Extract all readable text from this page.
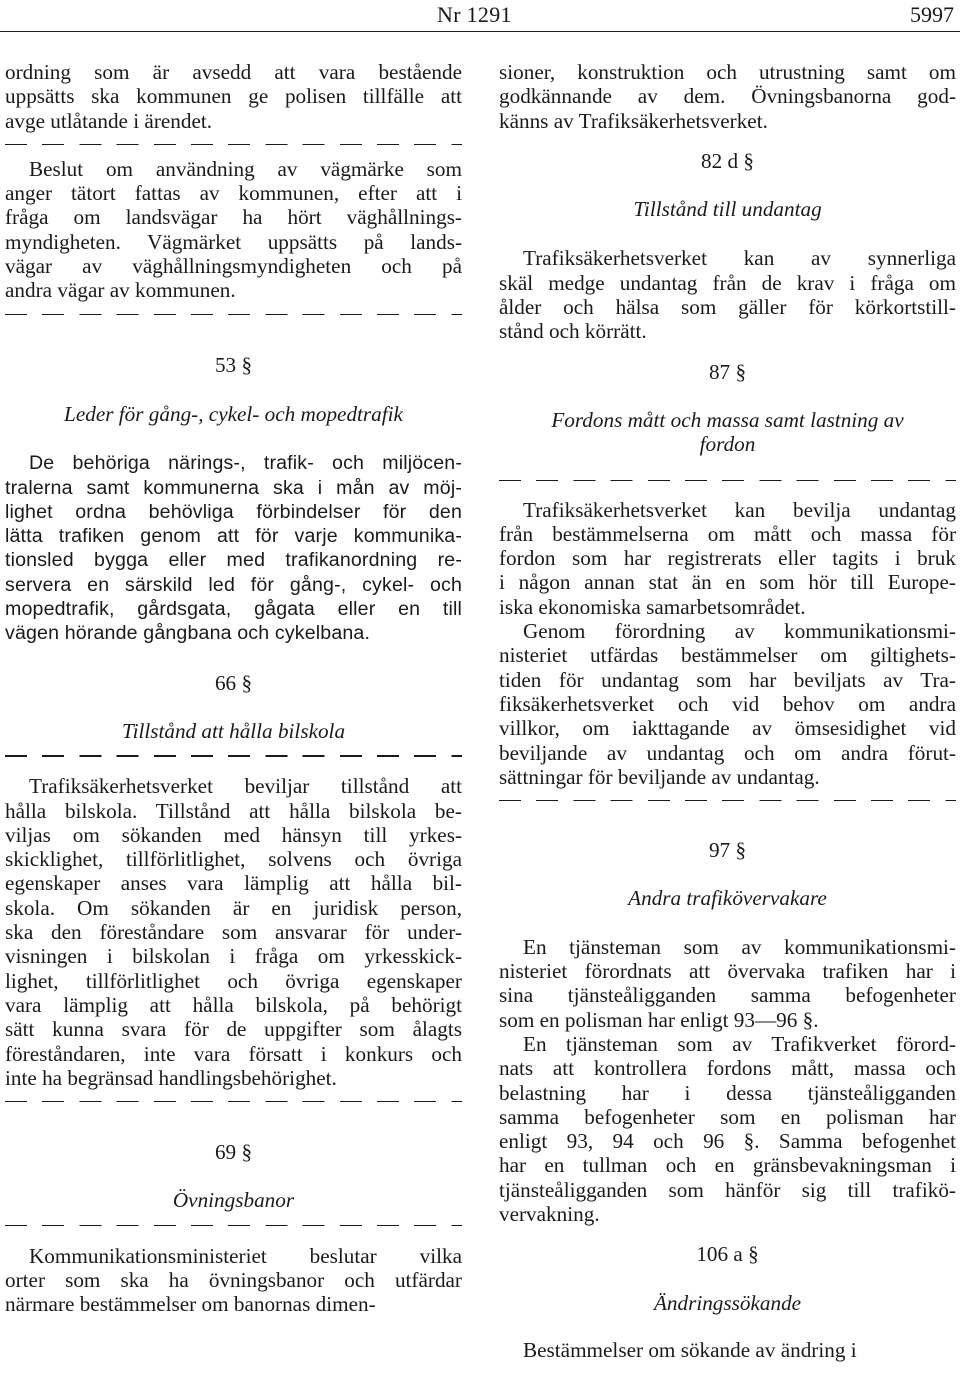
Nr 1291	5997
ordning som är avsedd att vara bestående
uppsätts ska kommunen ge polisen tillfälle att
avge utlåtande i ärendet.
Beslut om användning av vägmärke som
anger tätort fattas av kommunen, efter att i
fråga om landsvägar ha hört väghållnings-
myndigheten. Vägmärket uppsätts på lands-
vägar av väghållningsmyndigheten och på
andra vägar av kommunen.
53 §
Leder för gång-, cykel- och mopedtrafik
De behöriga närings-, trafik- och miljöcen-
tralerna samt kommunerna ska i mån av möj-
lighet ordna behövliga förbindelser för den
lätta trafiken genom att för varje kommunika-
tionsled bygga eller med trafikanordning re-
servera en särskild led för gång-, cykel- och
mopedtrafik, gårdsgata, gågata eller en till
vägen hörande gångbana och cykelbana.
66 §
Tillstånd att hålla bilskola
Trafiksäkerhetsverket beviljar tillstånd att
hålla bilskola. Tillstånd att hålla bilskola be-
viljas om sökanden med hänsyn till yrkes-
skicklighet, tillförlitlighet, solvens och övriga
egenskaper anses vara lämplig att hålla bil-
skola. Om sökanden är en juridisk person,
ska den föreståndare som ansvarar för under-
visningen i bilskolan i fråga om yrkesskick-
lighet, tillförlitlighet och övriga egenskaper
vara lämplig att hålla bilskola, på behörigt
sätt kunna svara för de uppgifter som ålagts
föreståndaren, inte vara försatt i konkurs och
inte ha begränsad handlingsbehörighet.
69 §
Övningsbanor
Kommunikationsministeriet beslutar vilka
orter som ska ha övningsbanor och utfärdar
närmare bestämmelser om banornas dimen-
sioner, konstruktion och utrustning samt om
godkännande av dem. Övningsbanorna god-
känns av Trafiksäkerhetsverket.
82 d §
Tillstånd till undantag
Trafiksäkerhetsverket kan av synnerliga
skäl medge undantag från de krav i fråga om
ålder och hälsa som gäller för körkortstill-
stånd och körrätt.
87 §
Fordons mått och massa samt lastning av
fordon
Trafiksäkerhetsverket kan bevilja undantag
från bestämmelserna om mått och massa för
fordon som har registrerats eller tagits i bruk
i någon annan stat än en som hör till Europe-
iska ekonomiska samarbetsområdet.
Genom förordning av kommunikationsmi-
nisteriet utfärdas bestämmelser om giltighets-
tiden för undantag som har beviljats av Tra-
fiksäkerhetsverket och vid behov om andra
villkor, om iakttagande av ömsesidighet vid
beviljande av undantag och om andra förut-
sättningar för beviljande av undantag.
97 §
Andra trafikövervakare
En tjänsteman som av kommunikationsmi-
nisteriet förordnats att övervaka trafiken har i
sina tjänsteåligganden samma befogenheter
som en polisman har enligt 93—96 §.
En tjänsteman som av Trafikverket förord-
nats att kontrollera fordons mått, massa och
belastning har i dessa tjänsteåligganden
samma befogenheter som en polisman har
enligt 93, 94 och 96 §. Samma befogenhet
har en tullman och en gränsbevakningsman i
tjänsteåligganden som hänför sig till trafikö-
vervakning.
106 a §
Ändringssökande
Bestämmelser om sökande av ändring i
